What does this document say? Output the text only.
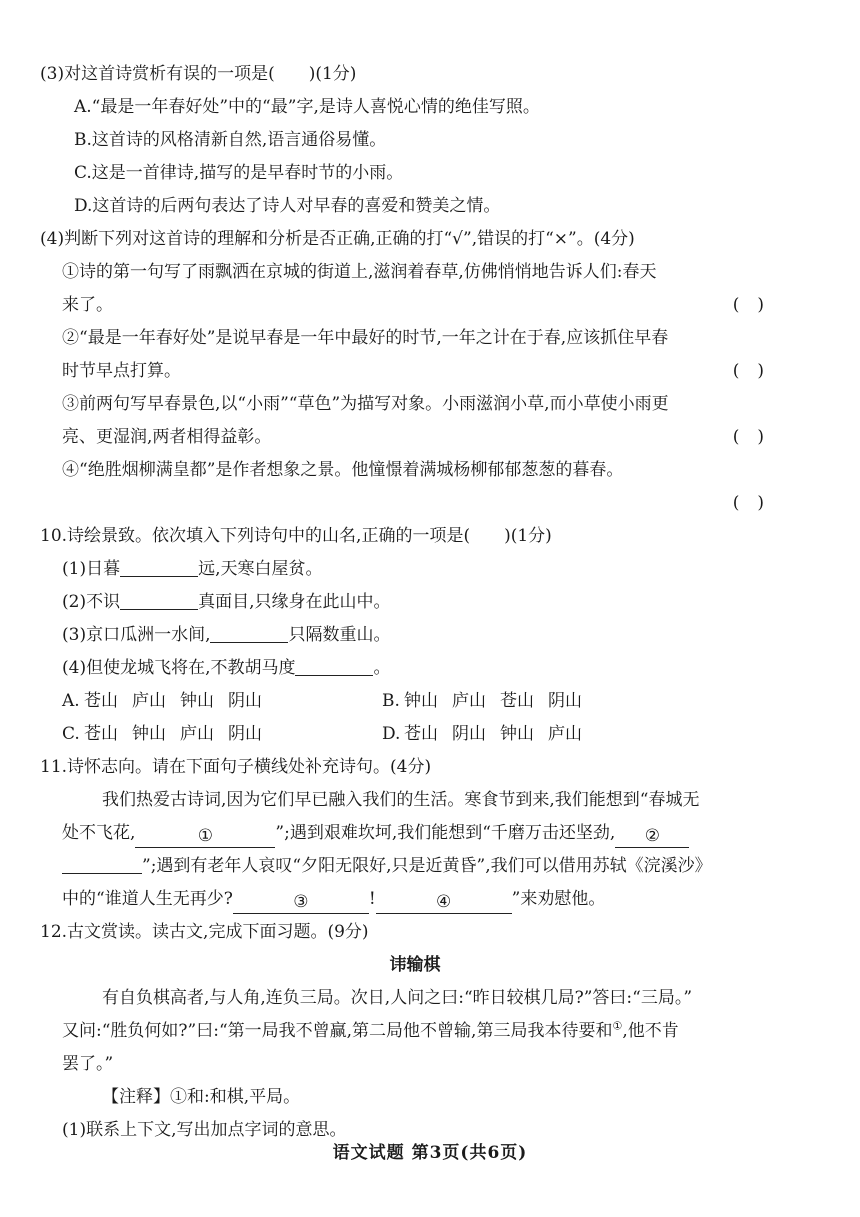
(3)对这首诗赏析有误的一项是(　　)(1分)
A.“最是一年春好处”中的“最”字,是诗人喜悦心情的绝佳写照。
B.这首诗的风格清新自然,语言通俗易懂。
C.这是一首律诗,描写的是早春时节的小雨。
D.这首诗的后两句表达了诗人对早春的喜爱和赞美之情。
(4)判断下列对这首诗的理解和分析是否正确,正确的打“√”,错误的打“×”。(4分)
①诗的第一句写了雨飘洒在京城的街道上,滋润着春草,仿佛悄悄地告诉人们:春天
来了。	()
②“最是一年春好处”是说早春是一年中最好的时节,一年之计在于春,应该抓住早春
时节早点打算。	()
③前两句写早春景色,以“小雨”“草色”为描写对象。小雨滋润小草,而小草使小雨更
亮、更湿润,两者相得益彰。	()
④“绝胜烟柳满皇都”是作者想象之景。他憧憬着满城杨柳郁郁葱葱的暮春。
()
10.诗绘景致。依次填入下列诗句中的山名,正确的一项是(　　)(1分)
(1)日暮	远,天寒白屋贫。
(2)不识	真面目,只缘身在此山中。
(3)京口瓜洲一水间,	只隔数重山。
(4)但使龙城飞将在,不教胡马度	。
A. 苍山 庐山 钟山 阴山	B. 钟山 庐山 苍山 阴山
C. 苍山 钟山 庐山 阴山	D. 苍山 阴山 钟山 庐山
11.诗怀志向。请在下面句子横线处补充诗句。(4分)
我们热爱古诗词,因为它们早已融入我们的生活。寒食节到来,我们能想到“春城无
处不飞花,	①	”;遇到艰难坎坷,我们能想到“千磨万击还坚劲, ②
”;遇到有老年人哀叹“夕阳无限好,只是近黄昏”,我们可以借用苏轼《浣溪沙》
中的“谁道人生无再少?	③	!	④	”来劝慰他。
12.古文赏读。读古文,完成下面习题。(9分)
讳输棋
有自负棋高者,与人角,连负三局。次日,人问之曰:“昨日较棋几局?”答曰:“三局。”
又问:“胜负何如?”曰:“第一局我不曾赢,第二局他不曾输,第三局我本待要和①,他不肯
罢了。”
【注释】①和:和棋,平局。
(1)联系上下文,写出加点字词的意思。
语文试题 第3页(共6页)
